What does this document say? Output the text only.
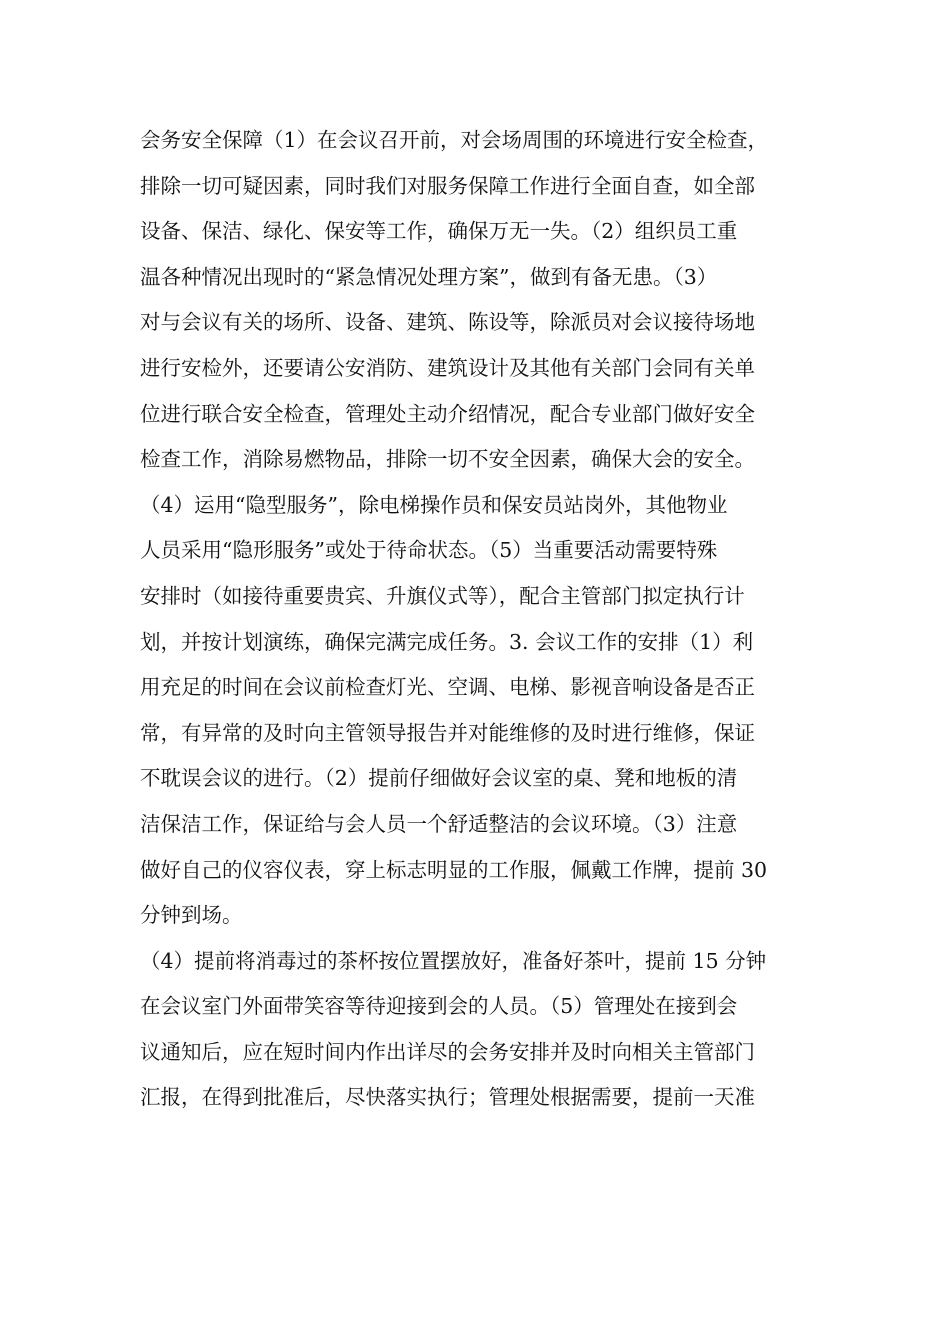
会务安全保障（1）在会议召开前，对会场周围的环境进行安全检查，
排除一切可疑因素，同时我们对服务保障工作进行全面自查，如全部
设备、保洁、绿化、保安等工作，确保万无一失。（2）组织员工重
温各种情况出现时的“紧急情况处理方案”，做到有备无患。（3）
对与会议有关的场所、设备、建筑、陈设等，除派员对会议接待场地
进行安检外，还要请公安消防、建筑设计及其他有关部门会同有关单
位进行联合安全检查，管理处主动介绍情况，配合专业部门做好安全
检查工作，消除易燃物品，排除一切不安全因素，确保大会的安全。
（4）运用“隐型服务”，除电梯操作员和保安员站岗外，其他物业
人员采用“隐形服务”或处于待命状态。（5）当重要活动需要特殊
安排时（如接待重要贵宾、升旗仪式等），配合主管部门拟定执行计
划，并按计划演练，确保完满完成任务。3. 会议工作的安排（1）利
用充足的时间在会议前检查灯光、空调、电梯、影视音响设备是否正
常，有异常的及时向主管领导报告并对能维修的及时进行维修，保证
不耽误会议的进行。（2）提前仔细做好会议室的桌、凳和地板的清
洁保洁工作，保证给与会人员一个舒适整洁的会议环境。（3）注意
做好自己的仪容仪表，穿上标志明显的工作服，佩戴工作牌，提前 30
分钟到场。
（4）提前将消毒过的茶杯按位置摆放好，准备好茶叶，提前 15 分钟
在会议室门外面带笑容等待迎接到会的人员。（5）管理处在接到会
议通知后，应在短时间内作出详尽的会务安排并及时向相关主管部门
汇报，在得到批准后，尽快落实执行；管理处根据需要，提前一天准
